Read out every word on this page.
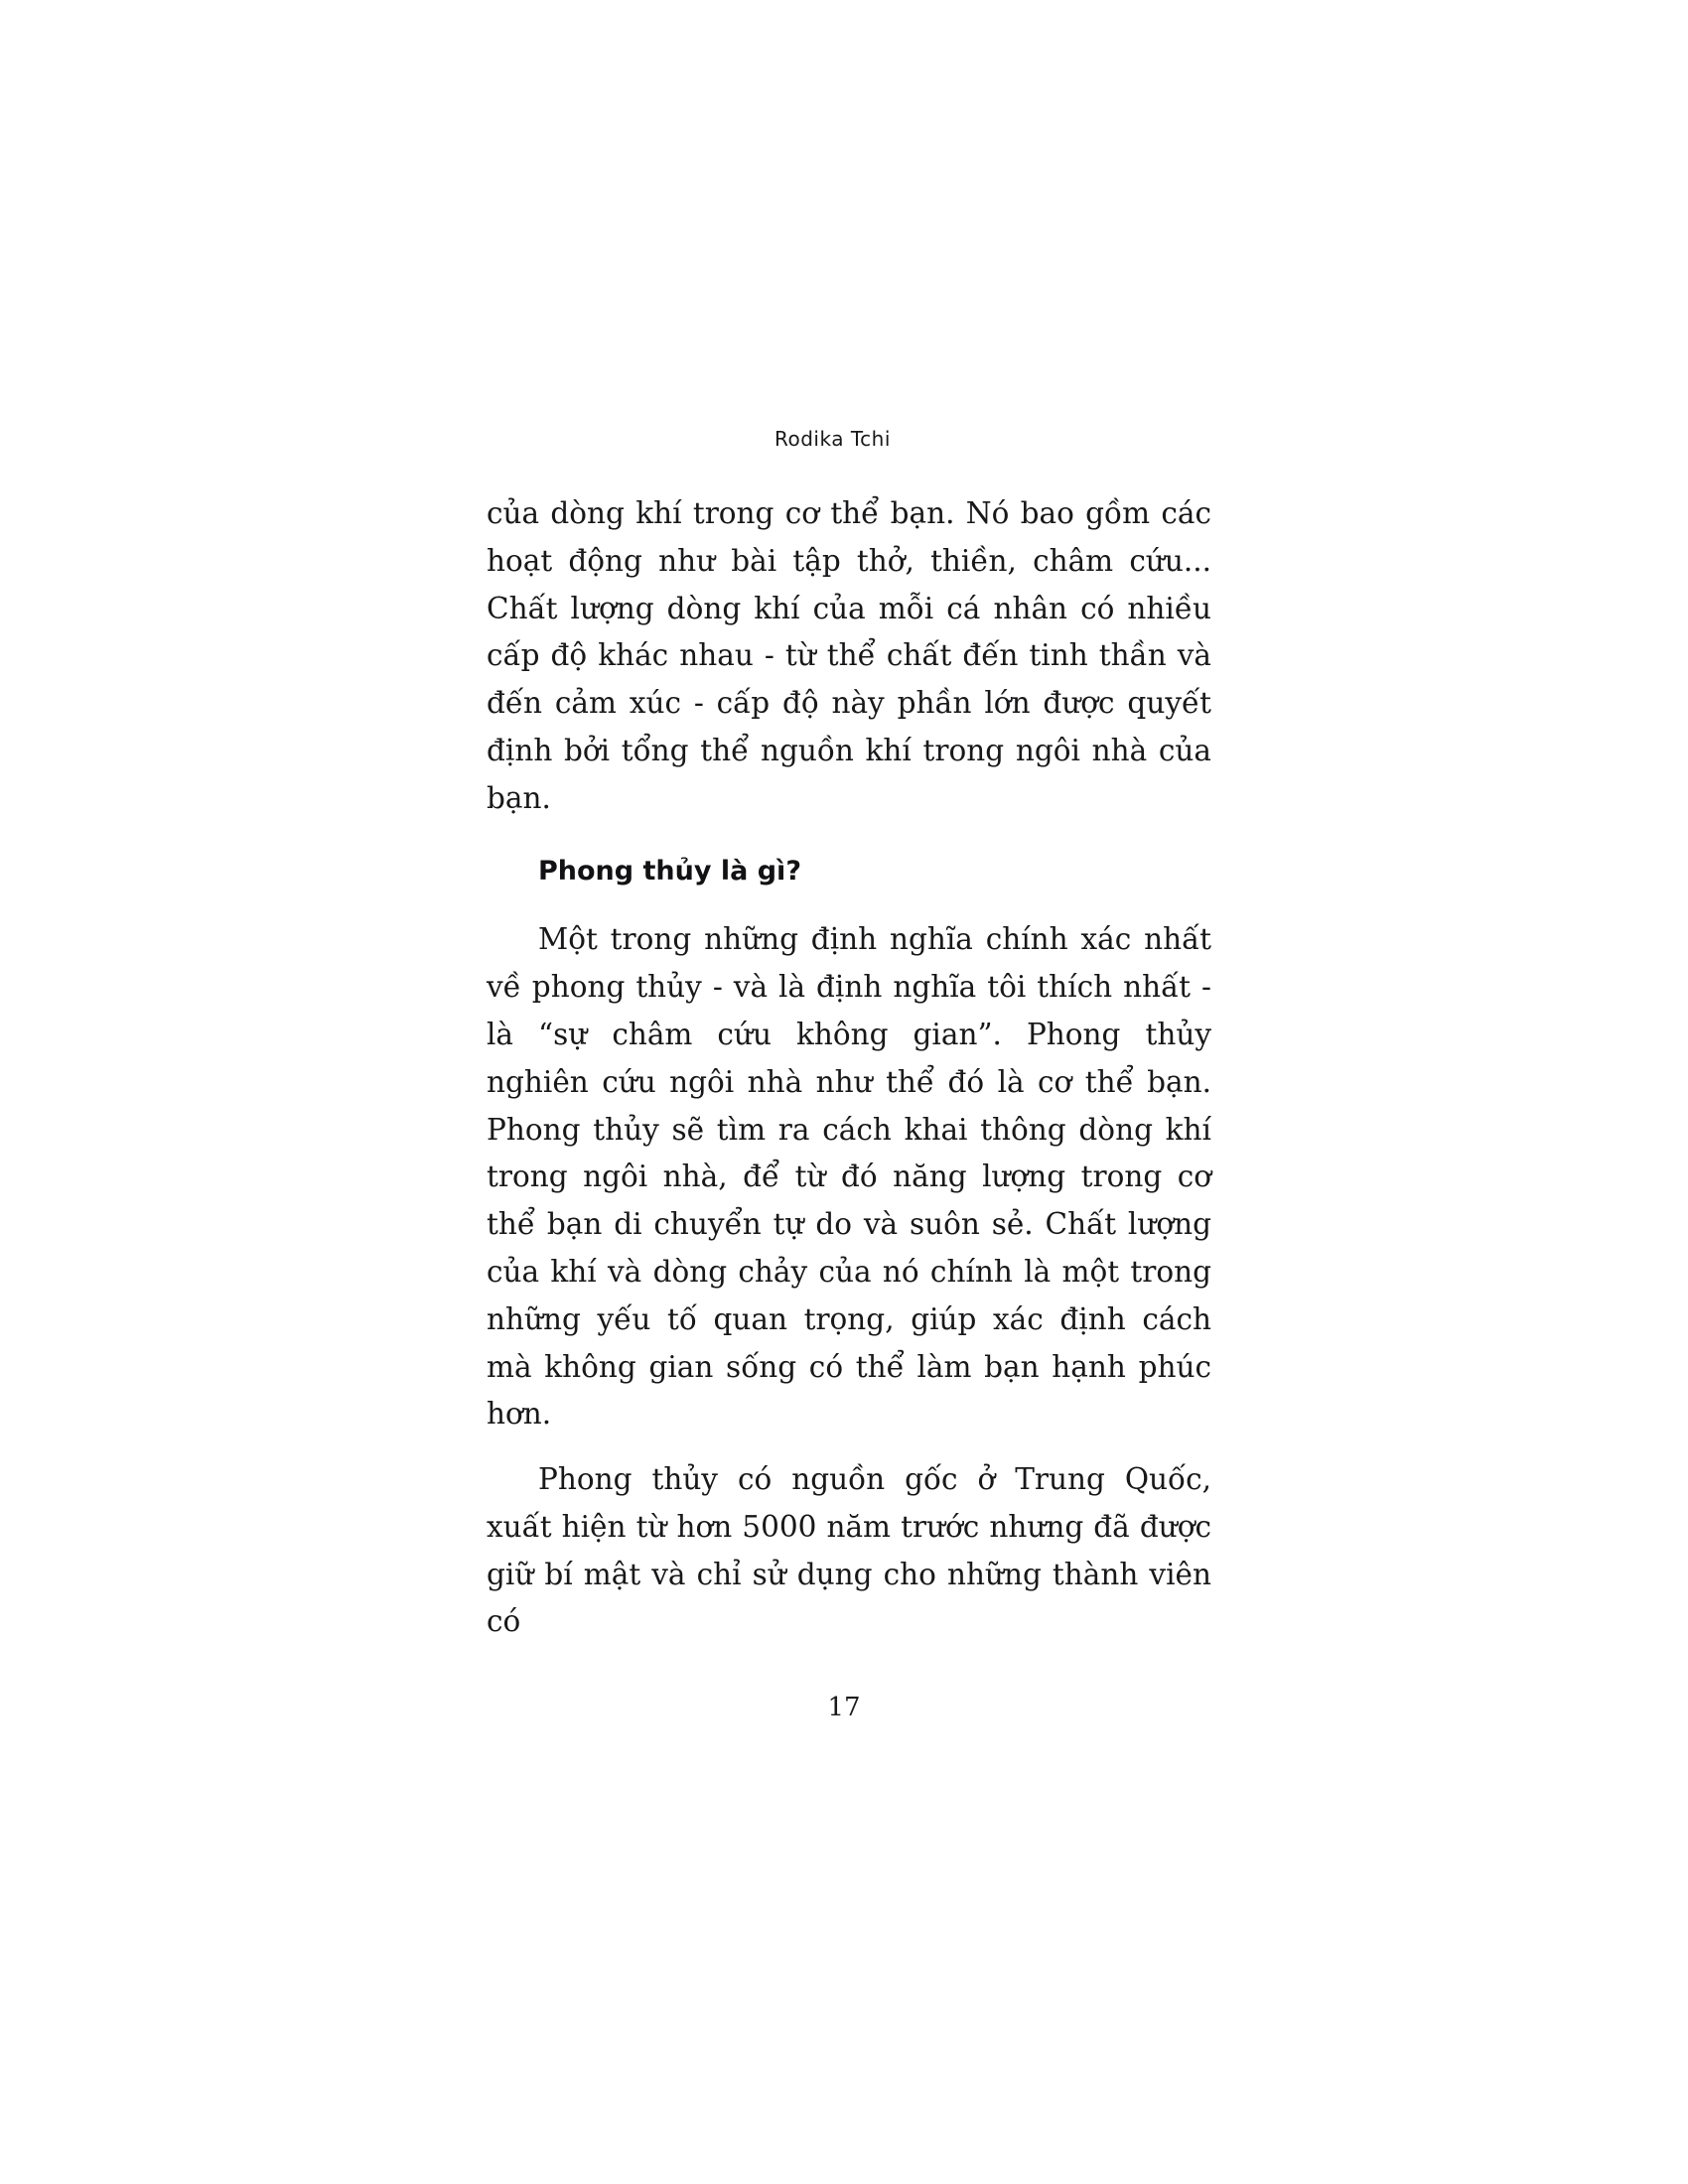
Rodika Tchi

của dòng khí trong cơ thể bạn. Nó bao gồm các hoạt động như bài tập thở, thiền, châm cứu... Chất lượng dòng khí của mỗi cá nhân có nhiều cấp độ khác nhau - từ thể chất đến tinh thần và đến cảm xúc - cấp độ này phần lớn được quyết định bởi tổng thể nguồn khí trong ngôi nhà của bạn.

Phong thủy là gì?

Một trong những định nghĩa chính xác nhất về phong thủy - và là định nghĩa tôi thích nhất - là “sự châm cứu không gian”. Phong thủy nghiên cứu ngôi nhà như thể đó là cơ thể bạn. Phong thủy sẽ tìm ra cách khai thông dòng khí trong ngôi nhà, để từ đó năng lượng trong cơ thể bạn di chuyển tự do và suôn sẻ. Chất lượng của khí và dòng chảy của nó chính là một trong những yếu tố quan trọng, giúp xác định cách mà không gian sống có thể làm bạn hạnh phúc hơn.

Phong thủy có nguồn gốc ở Trung Quốc, xuất hiện từ hơn 5000 năm trước nhưng đã được giữ bí mật và chỉ sử dụng cho những thành viên có

17
